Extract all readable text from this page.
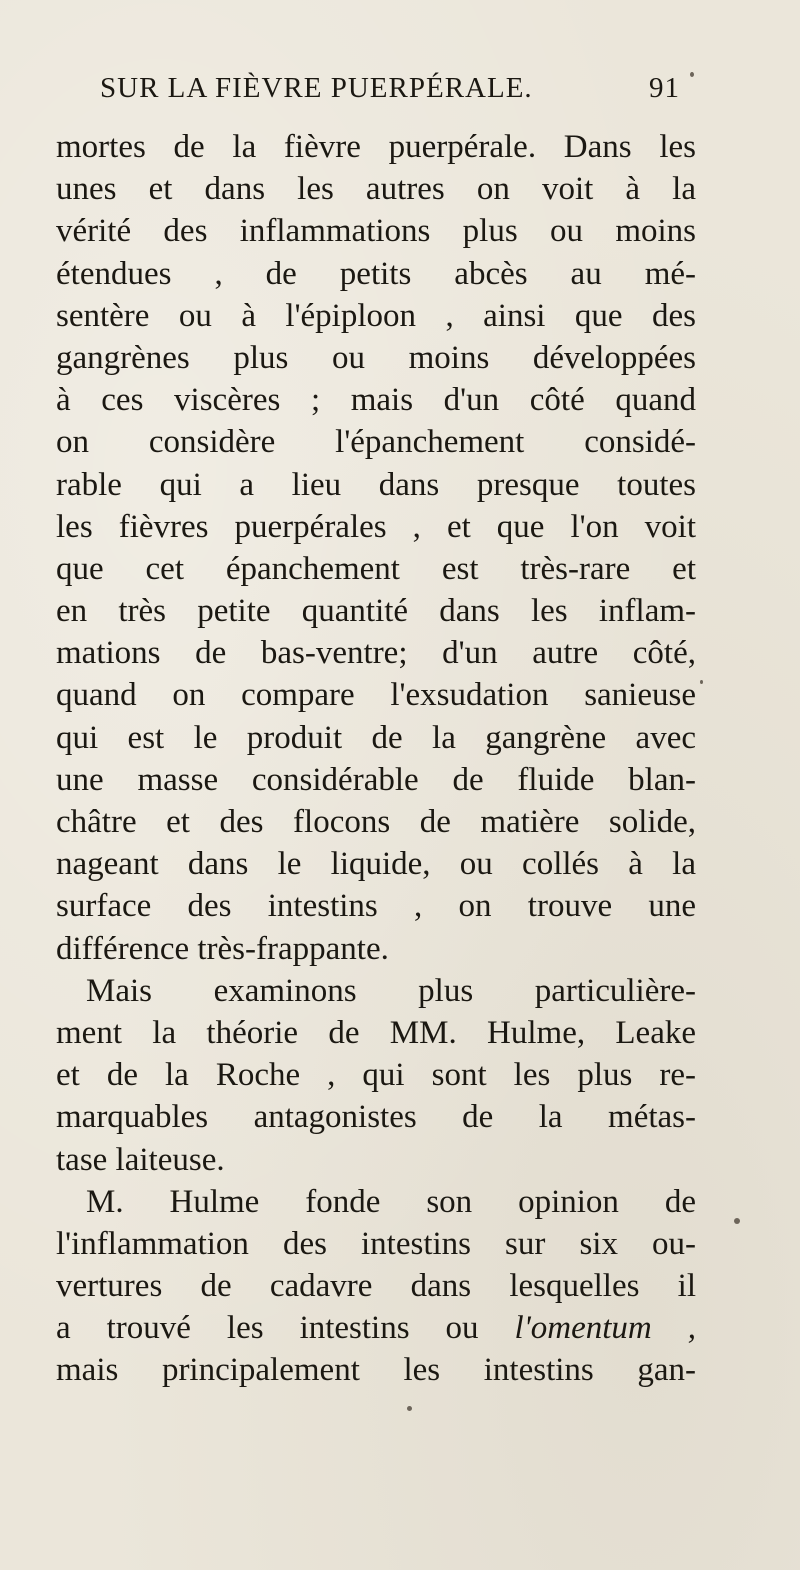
SUR LA FIÈVRE PUERPÉRALE.	91
mortes de la fièvre puerpérale. Dans les
unes et dans les autres on voit à la
vérité des inflammations plus ou moins
étendues , de petits abcès au mé-
sentère ou à l'épiploon , ainsi que des
gangrènes plus ou moins développées
à ces viscères ; mais d'un côté quand
on considère l'épanchement considé-
rable qui a lieu dans presque toutes
les fièvres puerpérales , et que l'on voit
que cet épanchement est très-rare et
en très petite quantité dans les inflam-
mations de bas-ventre; d'un autre côté,
quand on compare l'exsudation sanieuse
qui est le produit de la gangrène avec
une masse considérable de fluide blan-
châtre et des flocons de matière solide,
nageant dans le liquide, ou collés à la
surface des intestins , on trouve une
différence très-frappante.
Mais examinons plus particulière-
ment la théorie de MM. Hulme, Leake
et de la Roche , qui sont les plus re-
marquables antagonistes de la métas-
tase laiteuse.
M. Hulme fonde son opinion de
l'inflammation des intestins sur six ou-
vertures de cadavre dans lesquelles il
a trouvé les intestins ou l'omentum ,
mais principalement les intestins gan-
